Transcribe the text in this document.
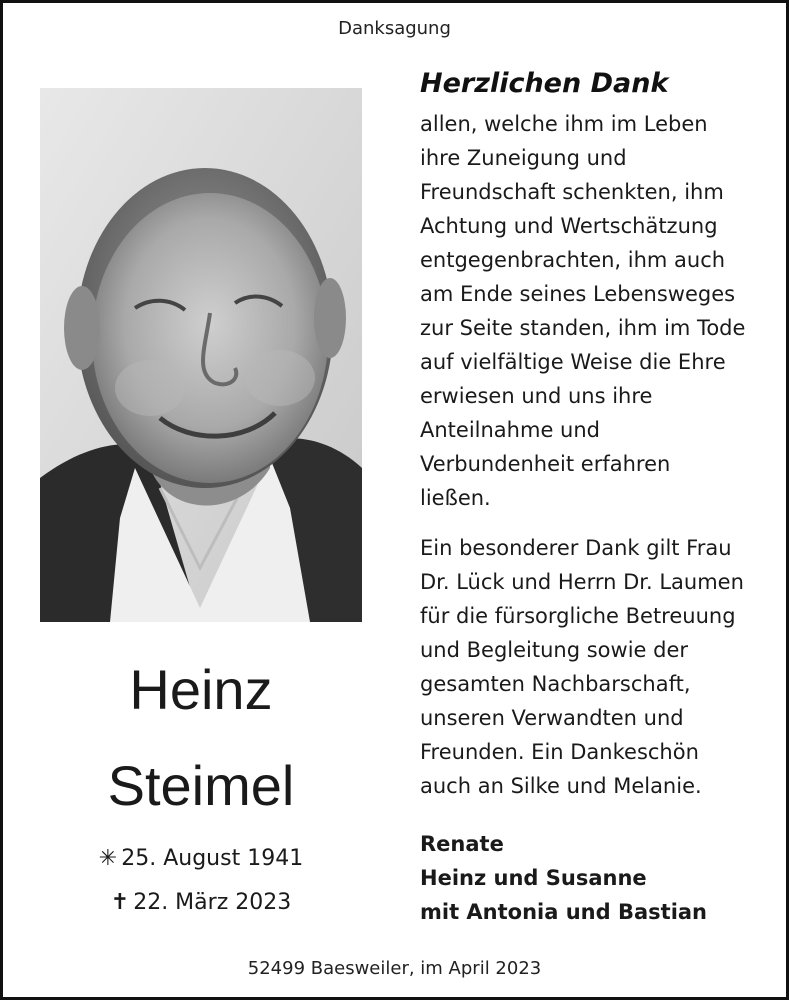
Danksagung
Heinz
Steimel
✳ 25. August 1941
✝ 22. März 2023
Herzlichen Dank

allen, welche ihm im Leben
ihre Zuneigung und
Freundschaft schenkten, ihm
Achtung und Wertschätzung
entgegenbrachten, ihm auch
am Ende seines Lebensweges
zur Seite standen, ihm im Tode
auf vielfältige Weise die Ehre
erwiesen und uns ihre
Anteilnahme und
Verbundenheit erfahren
ließen.

Ein besonderer Dank gilt Frau
Dr. Lück und Herrn Dr. Laumen
für die fürsorgliche Betreuung
und Begleitung sowie der
gesamten Nachbarschaft,
unseren Verwandten und
Freunden. Ein Dankeschön
auch an Silke und Melanie.

Renate
Heinz und Susanne
mit Antonia und Bastian
52499 Baesweiler, im April 2023
